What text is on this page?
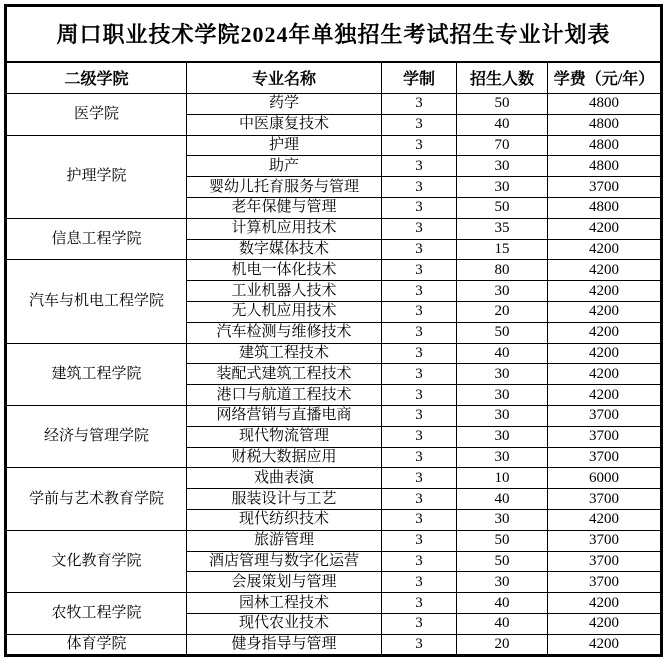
周口职业技术学院2024年单独招生考试招生专业计划表				
二级学院	专业名称	学制	招生人数	学费（元/年）
医学院	药学	3	50	4800
	中医康复技术	3	40	4800
护理学院	护理	3	70	4800
	助产	3	30	4800
	婴幼儿托育服务与管理	3	30	3700
	老年保健与管理	3	50	4800
信息工程学院	计算机应用技术	3	35	4200
	数字媒体技术	3	15	4200
汽车与机电工程学院	机电一体化技术	3	80	4200
	工业机器人技术	3	30	4200
	无人机应用技术	3	20	4200
	汽车检测与维修技术	3	50	4200
建筑工程学院	建筑工程技术	3	40	4200
	装配式建筑工程技术	3	30	4200
	港口与航道工程技术	3	30	4200
经济与管理学院	网络营销与直播电商	3	30	3700
	现代物流管理	3	30	3700
	财税大数据应用	3	30	3700
学前与艺术教育学院	戏曲表演	3	10	6000
	服装设计与工艺	3	40	3700
	现代纺织技术	3	30	4200
文化教育学院	旅游管理	3	50	3700
	酒店管理与数字化运营	3	50	3700
	会展策划与管理	3	30	3700
农牧工程学院	园林工程技术	3	40	4200
	现代农业技术	3	40	4200
体育学院	健身指导与管理	3	20	4200
